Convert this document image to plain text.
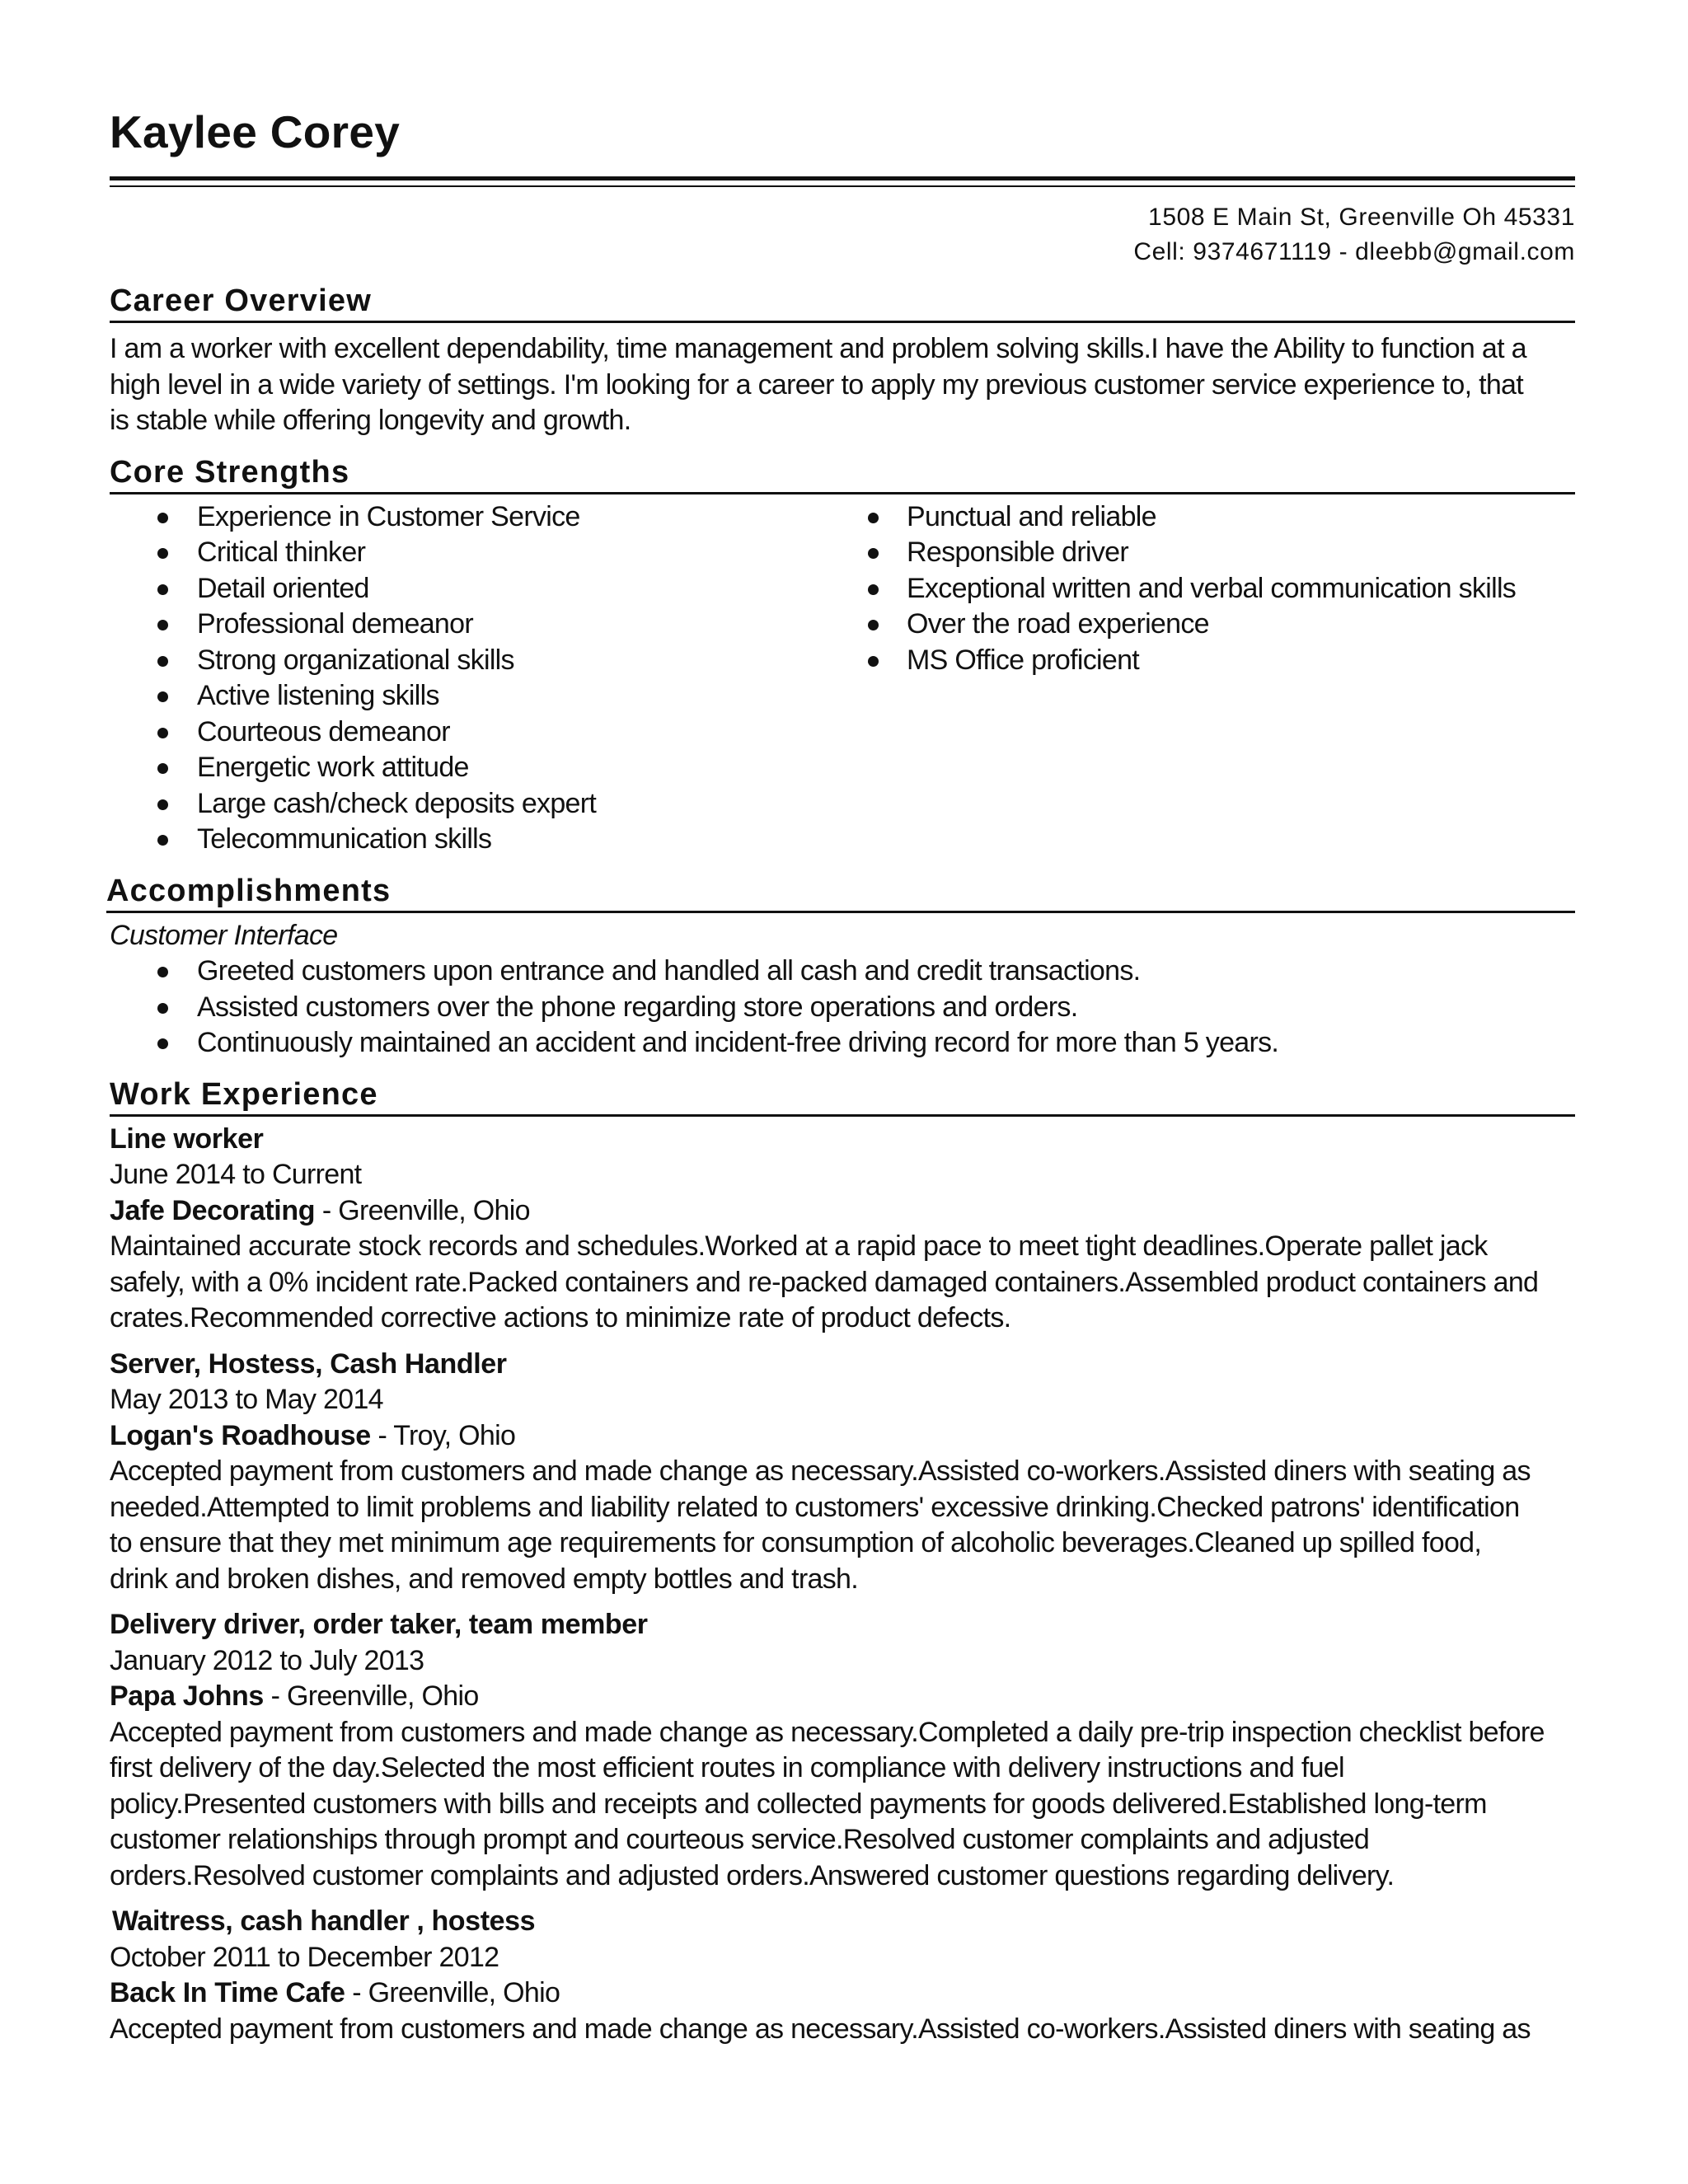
Kaylee Corey
1508 E Main St, Greenville Oh 45331
Cell: 9374671119 - dleebb@gmail.com
Career Overview
I am a worker with excellent dependability, time management and problem solving skills.I have the Ability to function at a
high level in a wide variety of settings. I'm looking for a career to apply my previous customer service experience to, that
is stable while offering longevity and growth.
Core Strengths
Experience in Customer Service
Critical thinker
Detail oriented
Professional demeanor
Strong organizational skills
Active listening skills
Courteous demeanor
Energetic work attitude
Large cash/check deposits expert
Telecommunication skills
Punctual and reliable
Responsible driver
Exceptional written and verbal communication skills
Over the road experience
MS Office proficient
Accomplishments
Customer Interface
Greeted customers upon entrance and handled all cash and credit transactions.
Assisted customers over the phone regarding store operations and orders.
Continuously maintained an accident and incident-free driving record for more than 5 years.
Work Experience
Line worker
June 2014 to Current
Jafe Decorating - Greenville, Ohio
Maintained accurate stock records and schedules.Worked at a rapid pace to meet tight deadlines.Operate pallet jack
safely, with a 0% incident rate.Packed containers and re-packed damaged containers.Assembled product containers and
crates.Recommended corrective actions to minimize rate of product defects.
Server, Hostess, Cash Handler
May 2013 to May 2014
Logan's Roadhouse - Troy, Ohio
Accepted payment from customers and made change as necessary.Assisted co-workers.Assisted diners with seating as
needed.Attempted to limit problems and liability related to customers' excessive drinking.Checked patrons' identification
to ensure that they met minimum age requirements for consumption of alcoholic beverages.Cleaned up spilled food,
drink and broken dishes, and removed empty bottles and trash.
Delivery driver, order taker, team member
January 2012 to July 2013
Papa Johns - Greenville, Ohio
Accepted payment from customers and made change as necessary.Completed a daily pre-trip inspection checklist before
first delivery of the day.Selected the most efficient routes in compliance with delivery instructions and fuel
policy.Presented customers with bills and receipts and collected payments for goods delivered.Established long-term
customer relationships through prompt and courteous service.Resolved customer complaints and adjusted
orders.Resolved customer complaints and adjusted orders.Answered customer questions regarding delivery.
Waitress, cash handler , hostess
October 2011 to December 2012
Back In Time Cafe - Greenville, Ohio
Accepted payment from customers and made change as necessary.Assisted co-workers.Assisted diners with seating as
